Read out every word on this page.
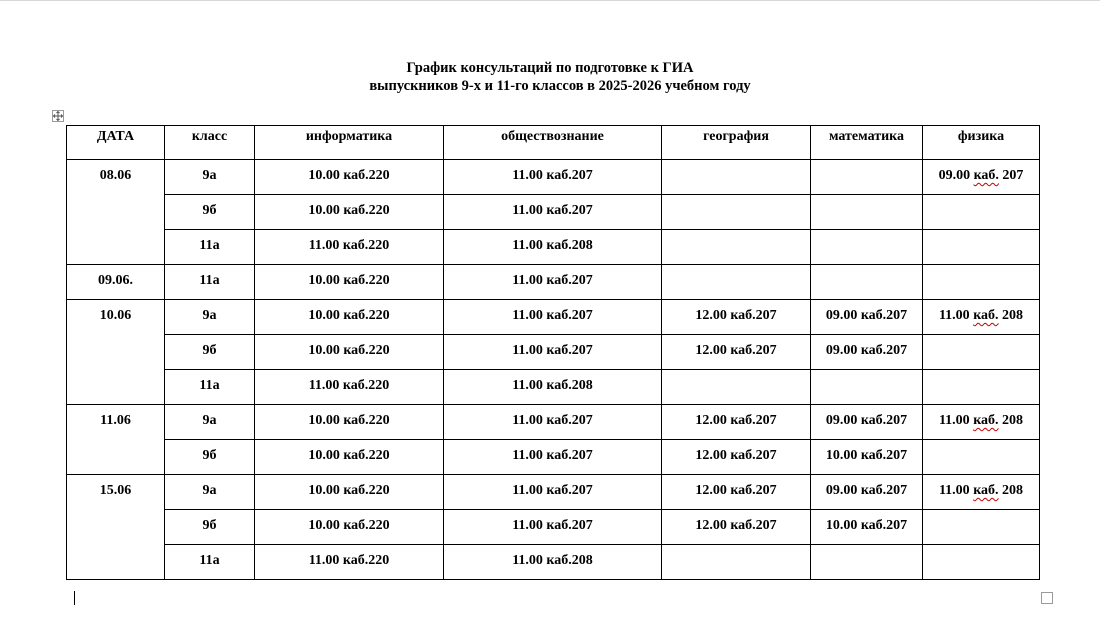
График консультаций по подготовке к ГИА
выпускников 9-х и 11-го классов в 2025-2026 учебном году
ДАТА	класс	информатика	обществознание	география	математика	физика
08.06	9а	10.00 каб.220	11.00 каб.207			09.00 каб. 207
	9б	10.00 каб.220	11.00 каб.207			
	11а	11.00 каб.220	11.00 каб.208			
09.06.	11а	10.00 каб.220	11.00 каб.207			
10.06	9а	10.00 каб.220	11.00 каб.207	12.00 каб.207	09.00 каб.207	11.00 каб. 208
	9б	10.00 каб.220	11.00 каб.207	12.00 каб.207	09.00 каб.207	
	11а	11.00 каб.220	11.00 каб.208			
11.06	9а	10.00 каб.220	11.00 каб.207	12.00 каб.207	09.00 каб.207	11.00 каб. 208
	9б	10.00 каб.220	11.00 каб.207	12.00 каб.207	10.00 каб.207	
15.06	9а	10.00 каб.220	11.00 каб.207	12.00 каб.207	09.00 каб.207	11.00 каб. 208
	9б	10.00 каб.220	11.00 каб.207	12.00 каб.207	10.00 каб.207	
	11а	11.00 каб.220	11.00 каб.208			
